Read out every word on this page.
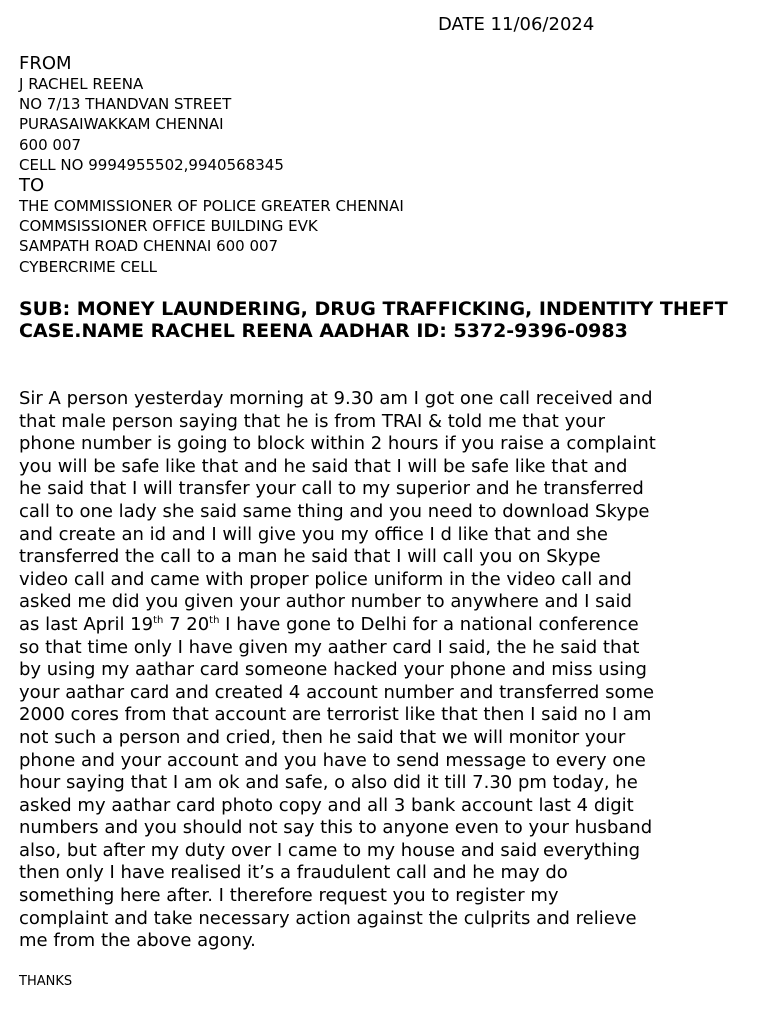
DATE 11/06/2024
FROM
J RACHEL REENA
NO 7/13 THANDVAN STREET
PURASAIWAKKAM CHENNAI
600 007
CELL NO 9994955502,9940568345
TO
THE COMMISSIONER OF POLICE GREATER CHENNAI
COMMSISSIONER OFFICE BUILDING EVK
SAMPATH ROAD CHENNAI 600 007
CYBERCRIME CELL
SUB: MONEY LAUNDERING, DRUG TRAFFICKING, INDENTITY THEFT CASE.NAME RACHEL REENA AADHAR ID: 5372-9396-0983
Sir A person yesterday morning at 9.30 am I got one call received and
that male person saying that he is from TRAI & told me that your
phone number is going to block within 2 hours if you raise a complaint
you will be safe like that and he said that I will be safe like that and
he said that I will transfer your call to my superior and he transferred
call to one lady she said same thing and you need to download Skype
and create an id and I will give you my office I d like that and she
transferred the call to a man he said that I will call you on Skype
video call and came with proper police uniform in the video call and
asked me did you given your author number to anywhere and I said
as last April 19th 7 20th I have gone to Delhi for a national conference
so that time only I have given my aather card I said, the he said that
by using my aathar card someone hacked your phone and miss using
your aathar card and created 4 account number and transferred some
2000 cores from that account are terrorist like that then I said no I am
not such a person and cried, then he said that we will monitor your
phone and your account and you have to send message to every one
hour saying that I am ok and safe, o also did it till 7.30 pm today, he
asked my aathar card photo copy and all 3 bank account last 4 digit
numbers and you should not say this to anyone even to your husband
also, but after my duty over I came to my house and said everything
then only I have realised it’s a fraudulent call and he may do
something here after. I therefore request you to register my
complaint and take necessary action against the culprits and relieve
me from the above agony.
THANKS
